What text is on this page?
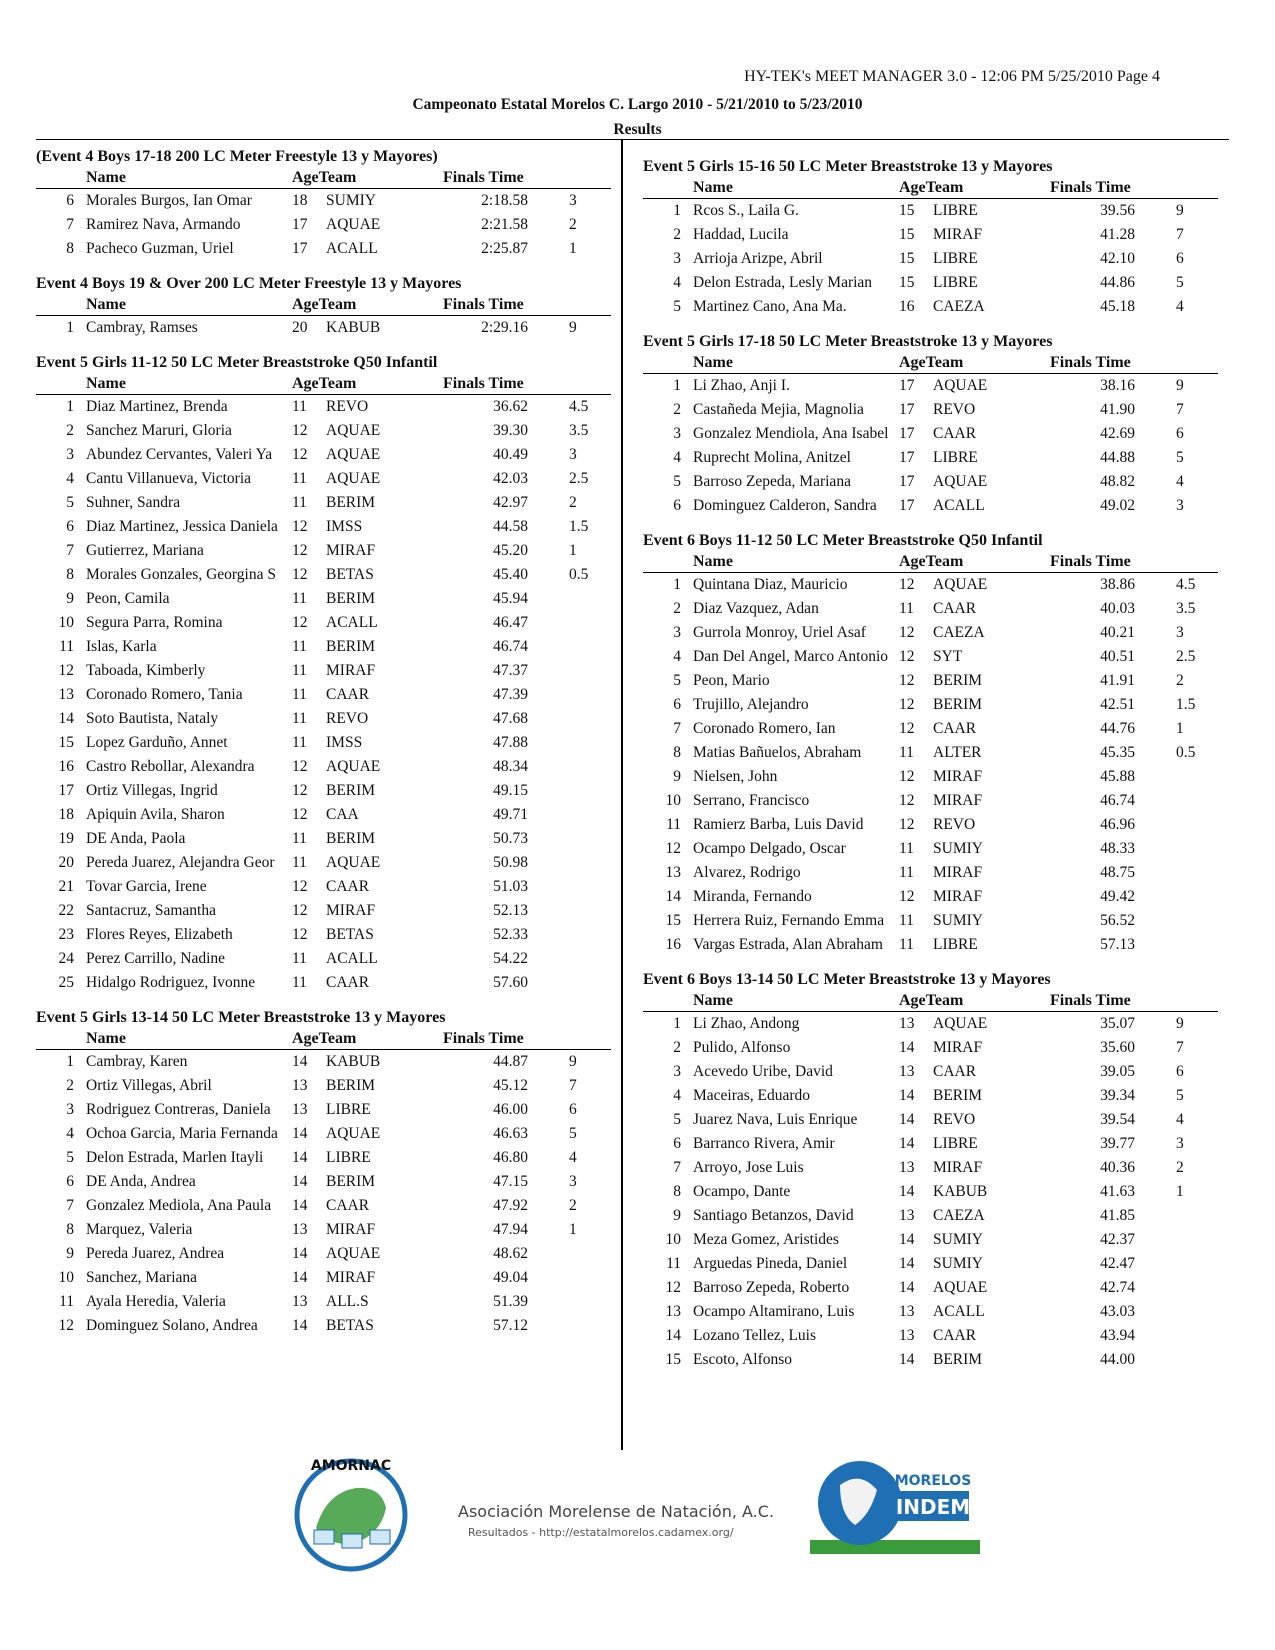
HY-TEK's MEET MANAGER 3.0 - 12:06 PM 5/25/2010 Page 4
Campeonato Estatal Morelos C. Largo 2010 - 5/21/2010 to 5/23/2010
Results
(Event 4 Boys 17-18 200 LC Meter Freestyle 13 y Mayores)
Name	AgeTeam	Finals Time
6 Morales Burgos, Ian Omar	18	SUMIY	2:18.58	3
7 Ramirez Nava, Armando	17	AQUAE	2:21.58	2
8 Pacheco Guzman, Uriel	17	ACALL	2:25.87	1
Event 4 Boys 19 & Over 200 LC Meter Freestyle 13 y Mayores
Name	AgeTeam	Finals Time
1 Cambray, Ramses	20	KABUB	2:29.16	9
Event 5 Girls 11-12 50 LC Meter Breaststroke Q50 Infantil
Name	AgeTeam	Finals Time
1 Diaz Martinez, Brenda	11	REVO	36.62	4.5
2 Sanchez Maruri, Gloria	12	AQUAE	39.30	3.5
3 Abundez Cervantes, Valeri Ya	12	AQUAE	40.49	3
4 Cantu Villanueva, Victoria	11	AQUAE	42.03	2.5
5 Suhner, Sandra	11	BERIM	42.97	2
6 Diaz Martinez, Jessica Daniela 12	IMSS	44.58	1.5
7 Gutierrez, Mariana	12	MIRAF	45.20	1
8 Morales Gonzales, Georgina S	12	BETAS	45.40	0.5
9 Peon, Camila	11	BERIM	45.94
10 Segura Parra, Romina	12	ACALL	46.47
11 Islas, Karla	11	BERIM	46.74
12 Taboada, Kimberly	11	MIRAF	47.37
13 Coronado Romero, Tania	11	CAAR	47.39
14 Soto Bautista, Nataly	11	REVO	47.68
15 Lopez Garduño, Annet	11	IMSS	47.88
16 Castro Rebollar, Alexandra	12	AQUAE	48.34
17 Ortiz Villegas, Ingrid	12	BERIM	49.15
18 Apiquin Avila, Sharon	12	CAA	49.71
19 DE Anda, Paola	11	BERIM	50.73
20 Pereda Juarez, Alejandra Geor	11	AQUAE	50.98
21 Tovar Garcia, Irene	12	CAAR	51.03
22 Santacruz, Samantha	12	MIRAF	52.13
23 Flores Reyes, Elizabeth	12	BETAS	52.33
24 Perez Carrillo, Nadine	11	ACALL	54.22
25 Hidalgo Rodriguez, Ivonne	11	CAAR	57.60
Event 5 Girls 13-14 50 LC Meter Breaststroke 13 y Mayores
Name	AgeTeam	Finals Time
1 Cambray, Karen	14	KABUB	44.87	9
2 Ortiz Villegas, Abril	13	BERIM	45.12	7
3 Rodriguez Contreras, Daniela	13	LIBRE	46.00	6
4 Ochoa Garcia, Maria Fernanda 14	AQUAE	46.63	5
5 Delon Estrada, Marlen Itayli	14	LIBRE	46.80	4
6 DE Anda, Andrea	14	BERIM	47.15	3
7 Gonzalez Mediola, Ana Paula	14	CAAR	47.92	2
8 Marquez, Valeria	13	MIRAF	47.94	1
9 Pereda Juarez, Andrea	14	AQUAE	48.62
10 Sanchez, Mariana	14	MIRAF	49.04
11 Ayala Heredia, Valeria	13	ALL.S	51.39
12 Dominguez Solano, Andrea	14	BETAS	57.12
Event 5 Girls 15-16 50 LC Meter Breaststroke 13 y Mayores
Name	AgeTeam	Finals Time
1 Rcos S., Laila G.	15	LIBRE	39.56	9
2 Haddad, Lucila	15	MIRAF	41.28	7
3 Arrioja Arizpe, Abril	15	LIBRE	42.10	6
4 Delon Estrada, Lesly Marian	15	LIBRE	44.86	5
5 Martinez Cano, Ana Ma.	16	CAEZA	45.18	4
Event 5 Girls 17-18 50 LC Meter Breaststroke 13 y Mayores
Name	AgeTeam	Finals Time
1 Li Zhao, Anji I.	17	AQUAE	38.16	9
2 Castañeda Mejia, Magnolia	17	REVO	41.90	7
3 Gonzalez Mendiola, Ana Isabel 17	CAAR	42.69	6
4 Ruprecht Molina, Anitzel	17	LIBRE	44.88	5
5 Barroso Zepeda, Mariana	17	AQUAE	48.82	4
6 Dominguez Calderon, Sandra	17	ACALL	49.02	3
Event 6 Boys 11-12 50 LC Meter Breaststroke Q50 Infantil
Name	AgeTeam	Finals Time
1 Quintana Diaz, Mauricio	12	AQUAE	38.86	4.5
2 Diaz Vazquez, Adan	11	CAAR	40.03	3.5
3 Gurrola Monroy, Uriel Asaf	12	CAEZA	40.21	3
4 Dan Del Angel, Marco Antonio 12	SYT	40.51	2.5
5 Peon, Mario	12	BERIM	41.91	2
6 Trujillo, Alejandro	12	BERIM	42.51	1.5
7 Coronado Romero, Ian	12	CAAR	44.76	1
8 Matias Bañuelos, Abraham	11	ALTER	45.35	0.5
9 Nielsen, John	12	MIRAF	45.88
10 Serrano, Francisco	12	MIRAF	46.74
11 Ramierz Barba, Luis David	12	REVO	46.96
12 Ocampo Delgado, Oscar	11	SUMIY	48.33
13 Alvarez, Rodrigo	11	MIRAF	48.75
14 Miranda, Fernando	12	MIRAF	49.42
15 Herrera Ruiz, Fernando Emma 11	SUMIY	56.52
16 Vargas Estrada, Alan Abraham	11	LIBRE	57.13
Event 6 Boys 13-14 50 LC Meter Breaststroke 13 y Mayores
Name	AgeTeam	Finals Time
1 Li Zhao, Andong	13	AQUAE	35.07	9
2 Pulido, Alfonso	14	MIRAF	35.60	7
3 Acevedo Uribe, David	13	CAAR	39.05	6
4 Maceiras, Eduardo	14	BERIM	39.34	5
5 Juarez Nava, Luis Enrique	14	REVO	39.54	4
6 Barranco Rivera, Amir	14	LIBRE	39.77	3
7 Arroyo, Jose Luis	13	MIRAF	40.36	2
8 Ocampo, Dante	14	KABUB	41.63	1
9 Santiago Betanzos, David	13	CAEZA	41.85
10 Meza Gomez, Aristides	14	SUMIY	42.37
11 Arguedas Pineda, Daniel	14	SUMIY	42.47
12 Barroso Zepeda, Roberto	14	AQUAE	42.74
13 Ocampo Altamirano, Luis	13	ACALL	43.03
14 Lozano Tellez, Luis	13	CAAR	43.94
15 Escoto, Alfonso	14	BERIM	44.00
AMORNAC
Asociación Morelense de Natación, A.C.
Resultados - http://estatalmorelos.cadamex.org/
MORELOS
INDEM
